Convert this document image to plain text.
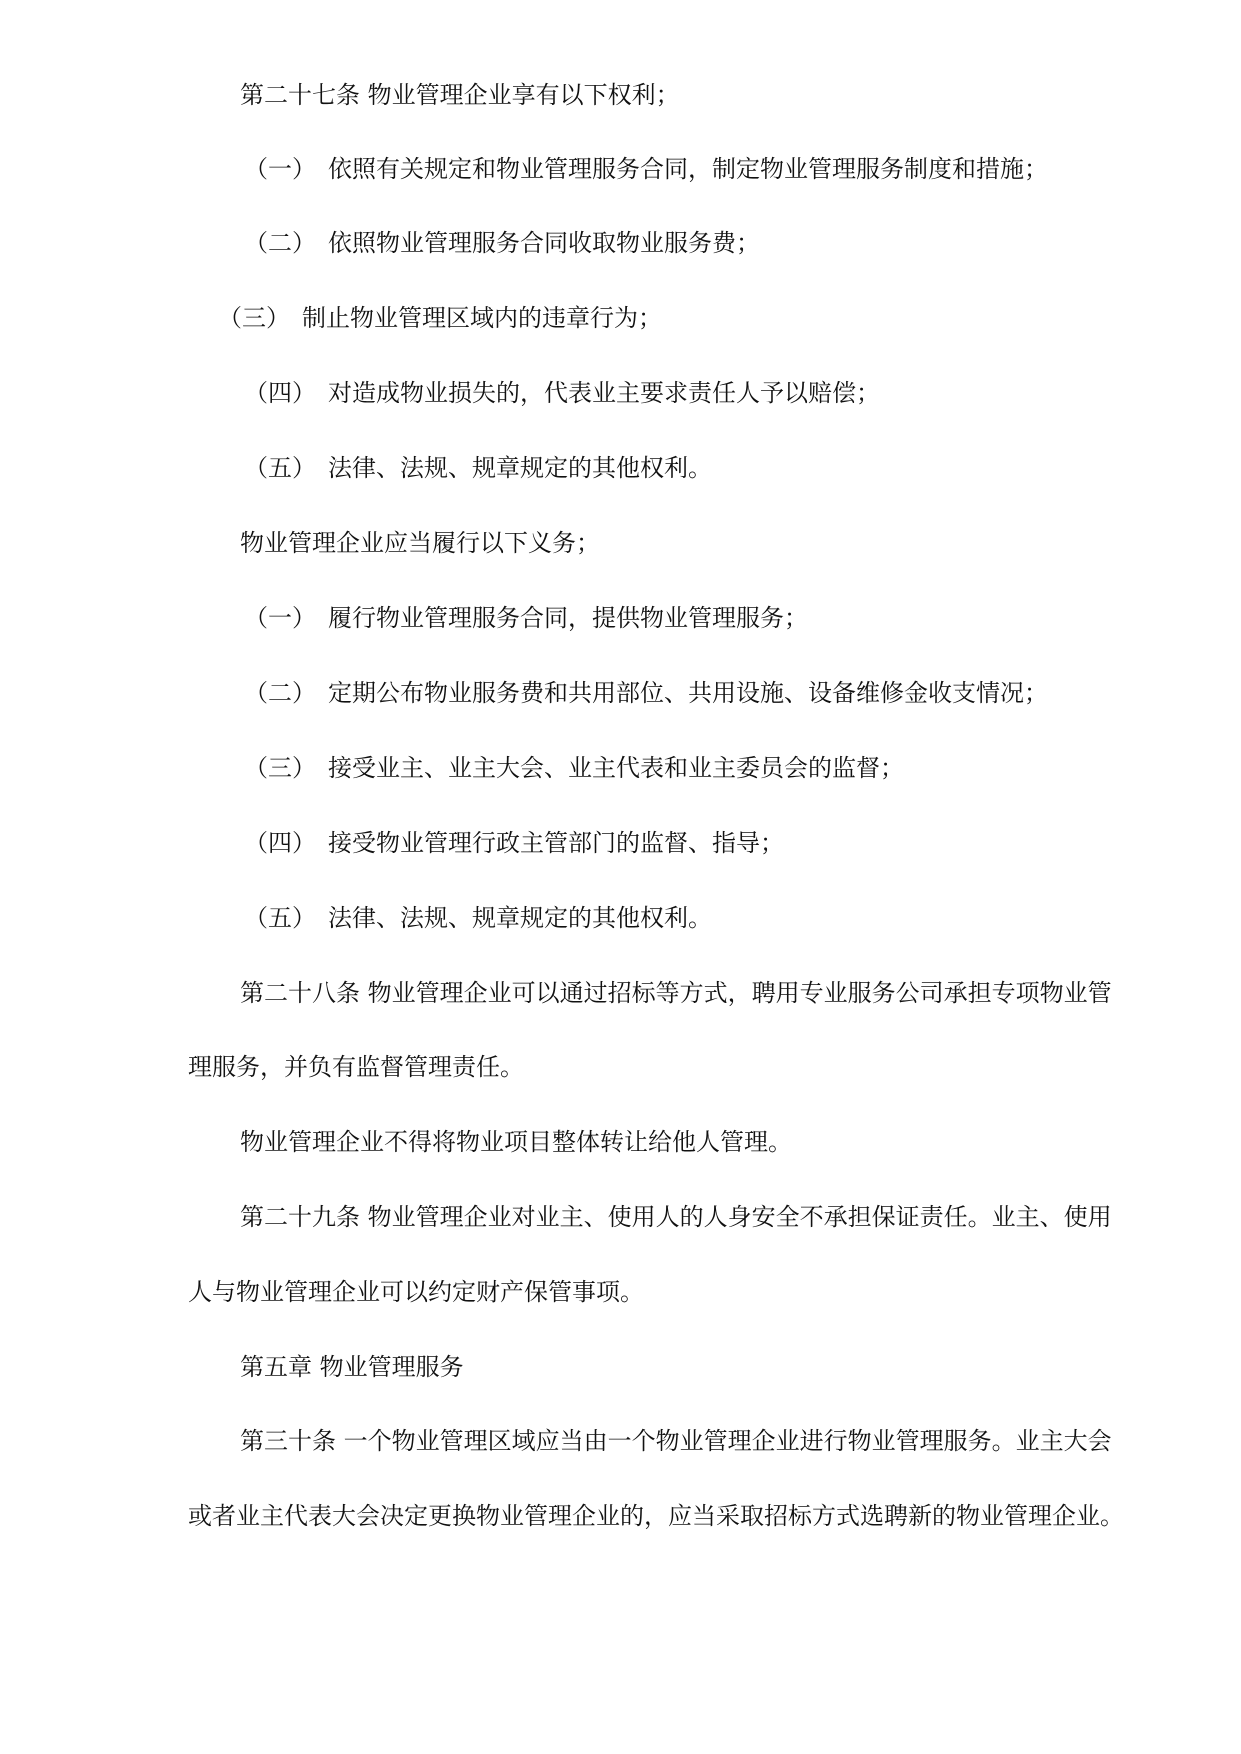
第二十七条 物业管理企业享有以下权利；
（一） 依照有关规定和物业管理服务合同，制定物业管理服务制度和措施；
（二） 依照物业管理服务合同收取物业服务费；
（三） 制止物业管理区域内的违章行为；
（四） 对造成物业损失的，代表业主要求责任人予以赔偿；
（五） 法律、法规、规章规定的其他权利。
物业管理企业应当履行以下义务；
（一） 履行物业管理服务合同，提供物业管理服务；
（二） 定期公布物业服务费和共用部位、共用设施、设备维修金收支情况；
（三） 接受业主、业主大会、业主代表和业主委员会的监督；
（四） 接受物业管理行政主管部门的监督、指导；
（五） 法律、法规、规章规定的其他权利。
第二十八条 物业管理企业可以通过招标等方式，聘用专业服务公司承担专项物业管
理服务，并负有监督管理责任。
物业管理企业不得将物业项目整体转让给他人管理。
第二十九条 物业管理企业对业主、使用人的人身安全不承担保证责任。业主、使用
人与物业管理企业可以约定财产保管事项。
第五章 物业管理服务
第三十条 一个物业管理区域应当由一个物业管理企业进行物业管理服务。业主大会
或者业主代表大会决定更换物业管理企业的，应当采取招标方式选聘新的物业管理企业。
